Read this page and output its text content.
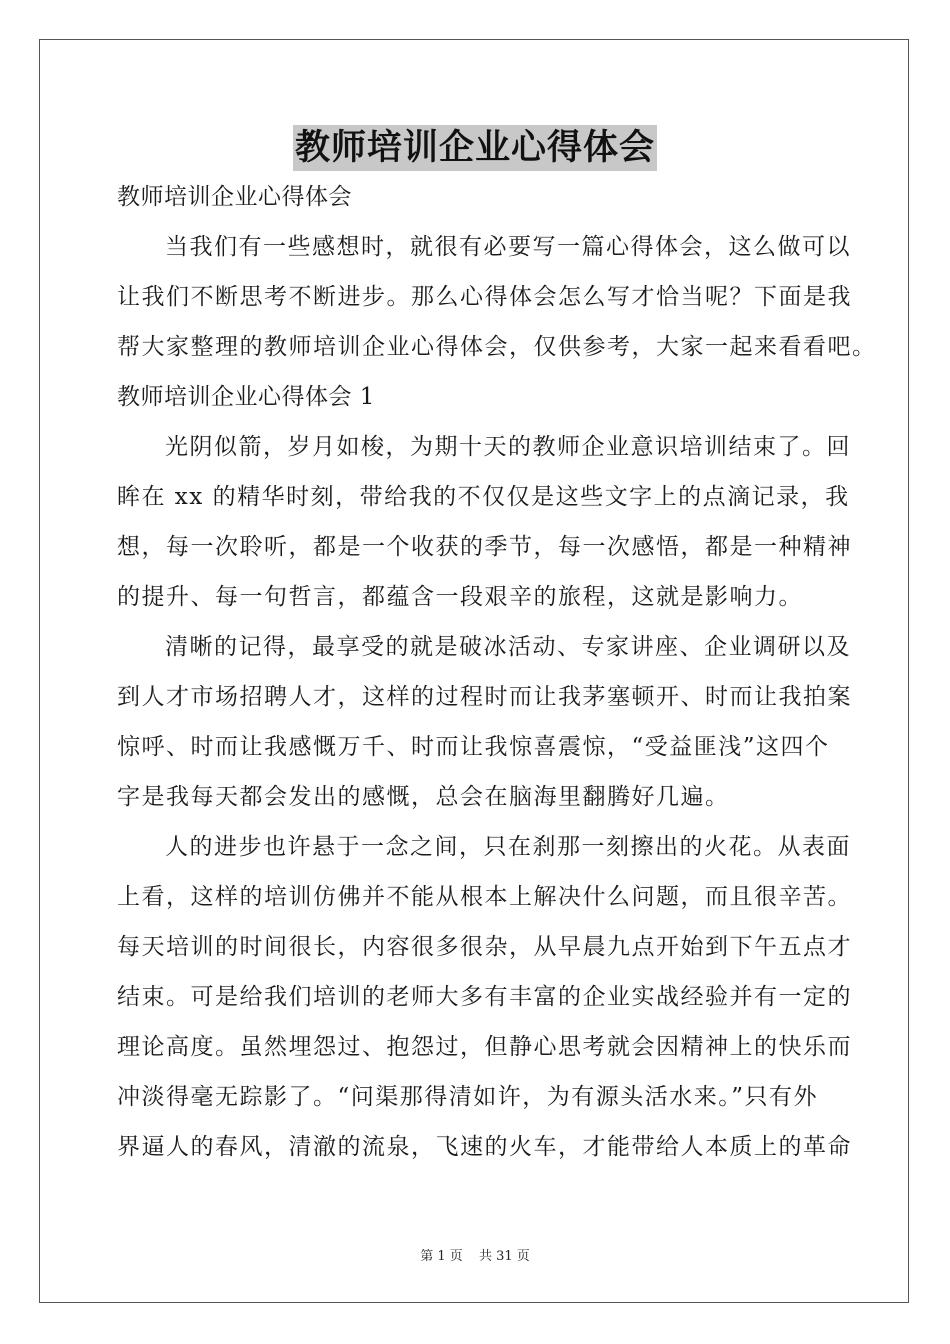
教师培训企业心得体会
教师培训企业心得体会
当我们有一些感想时，就很有必要写一篇心得体会，这么做可以
让我们不断思考不断进步。那么心得体会怎么写才恰当呢？下面是我
帮大家整理的教师培训企业心得体会，仅供参考，大家一起来看看吧。
教师培训企业心得体会 1
光阴似箭，岁月如梭，为期十天的教师企业意识培训结束了。回
眸在 xx 的精华时刻，带给我的不仅仅是这些文字上的点滴记录，我
想，每一次聆听，都是一个收获的季节，每一次感悟，都是一种精神
的提升、每一句哲言，都蕴含一段艰辛的旅程，这就是影响力。
清晰的记得，最享受的就是破冰活动、专家讲座、企业调研以及
到人才市场招聘人才，这样的过程时而让我茅塞顿开、时而让我拍案
惊呼、时而让我感慨万千、时而让我惊喜震惊，“受益匪浅”这四个
字是我每天都会发出的感慨，总会在脑海里翻腾好几遍。
人的进步也许悬于一念之间，只在刹那一刻擦出的火花。从表面
上看，这样的培训仿佛并不能从根本上解决什么问题，而且很辛苦。
每天培训的时间很长，内容很多很杂，从早晨九点开始到下午五点才
结束。可是给我们培训的老师大多有丰富的企业实战经验并有一定的
理论高度。虽然埋怨过、抱怨过，但静心思考就会因精神上的快乐而
冲淡得毫无踪影了。“问渠那得清如许，为有源头活水来。”只有外
界逼人的春风，清澈的流泉，飞速的火车，才能带给人本质上的革命
第 1 页 共 31 页
